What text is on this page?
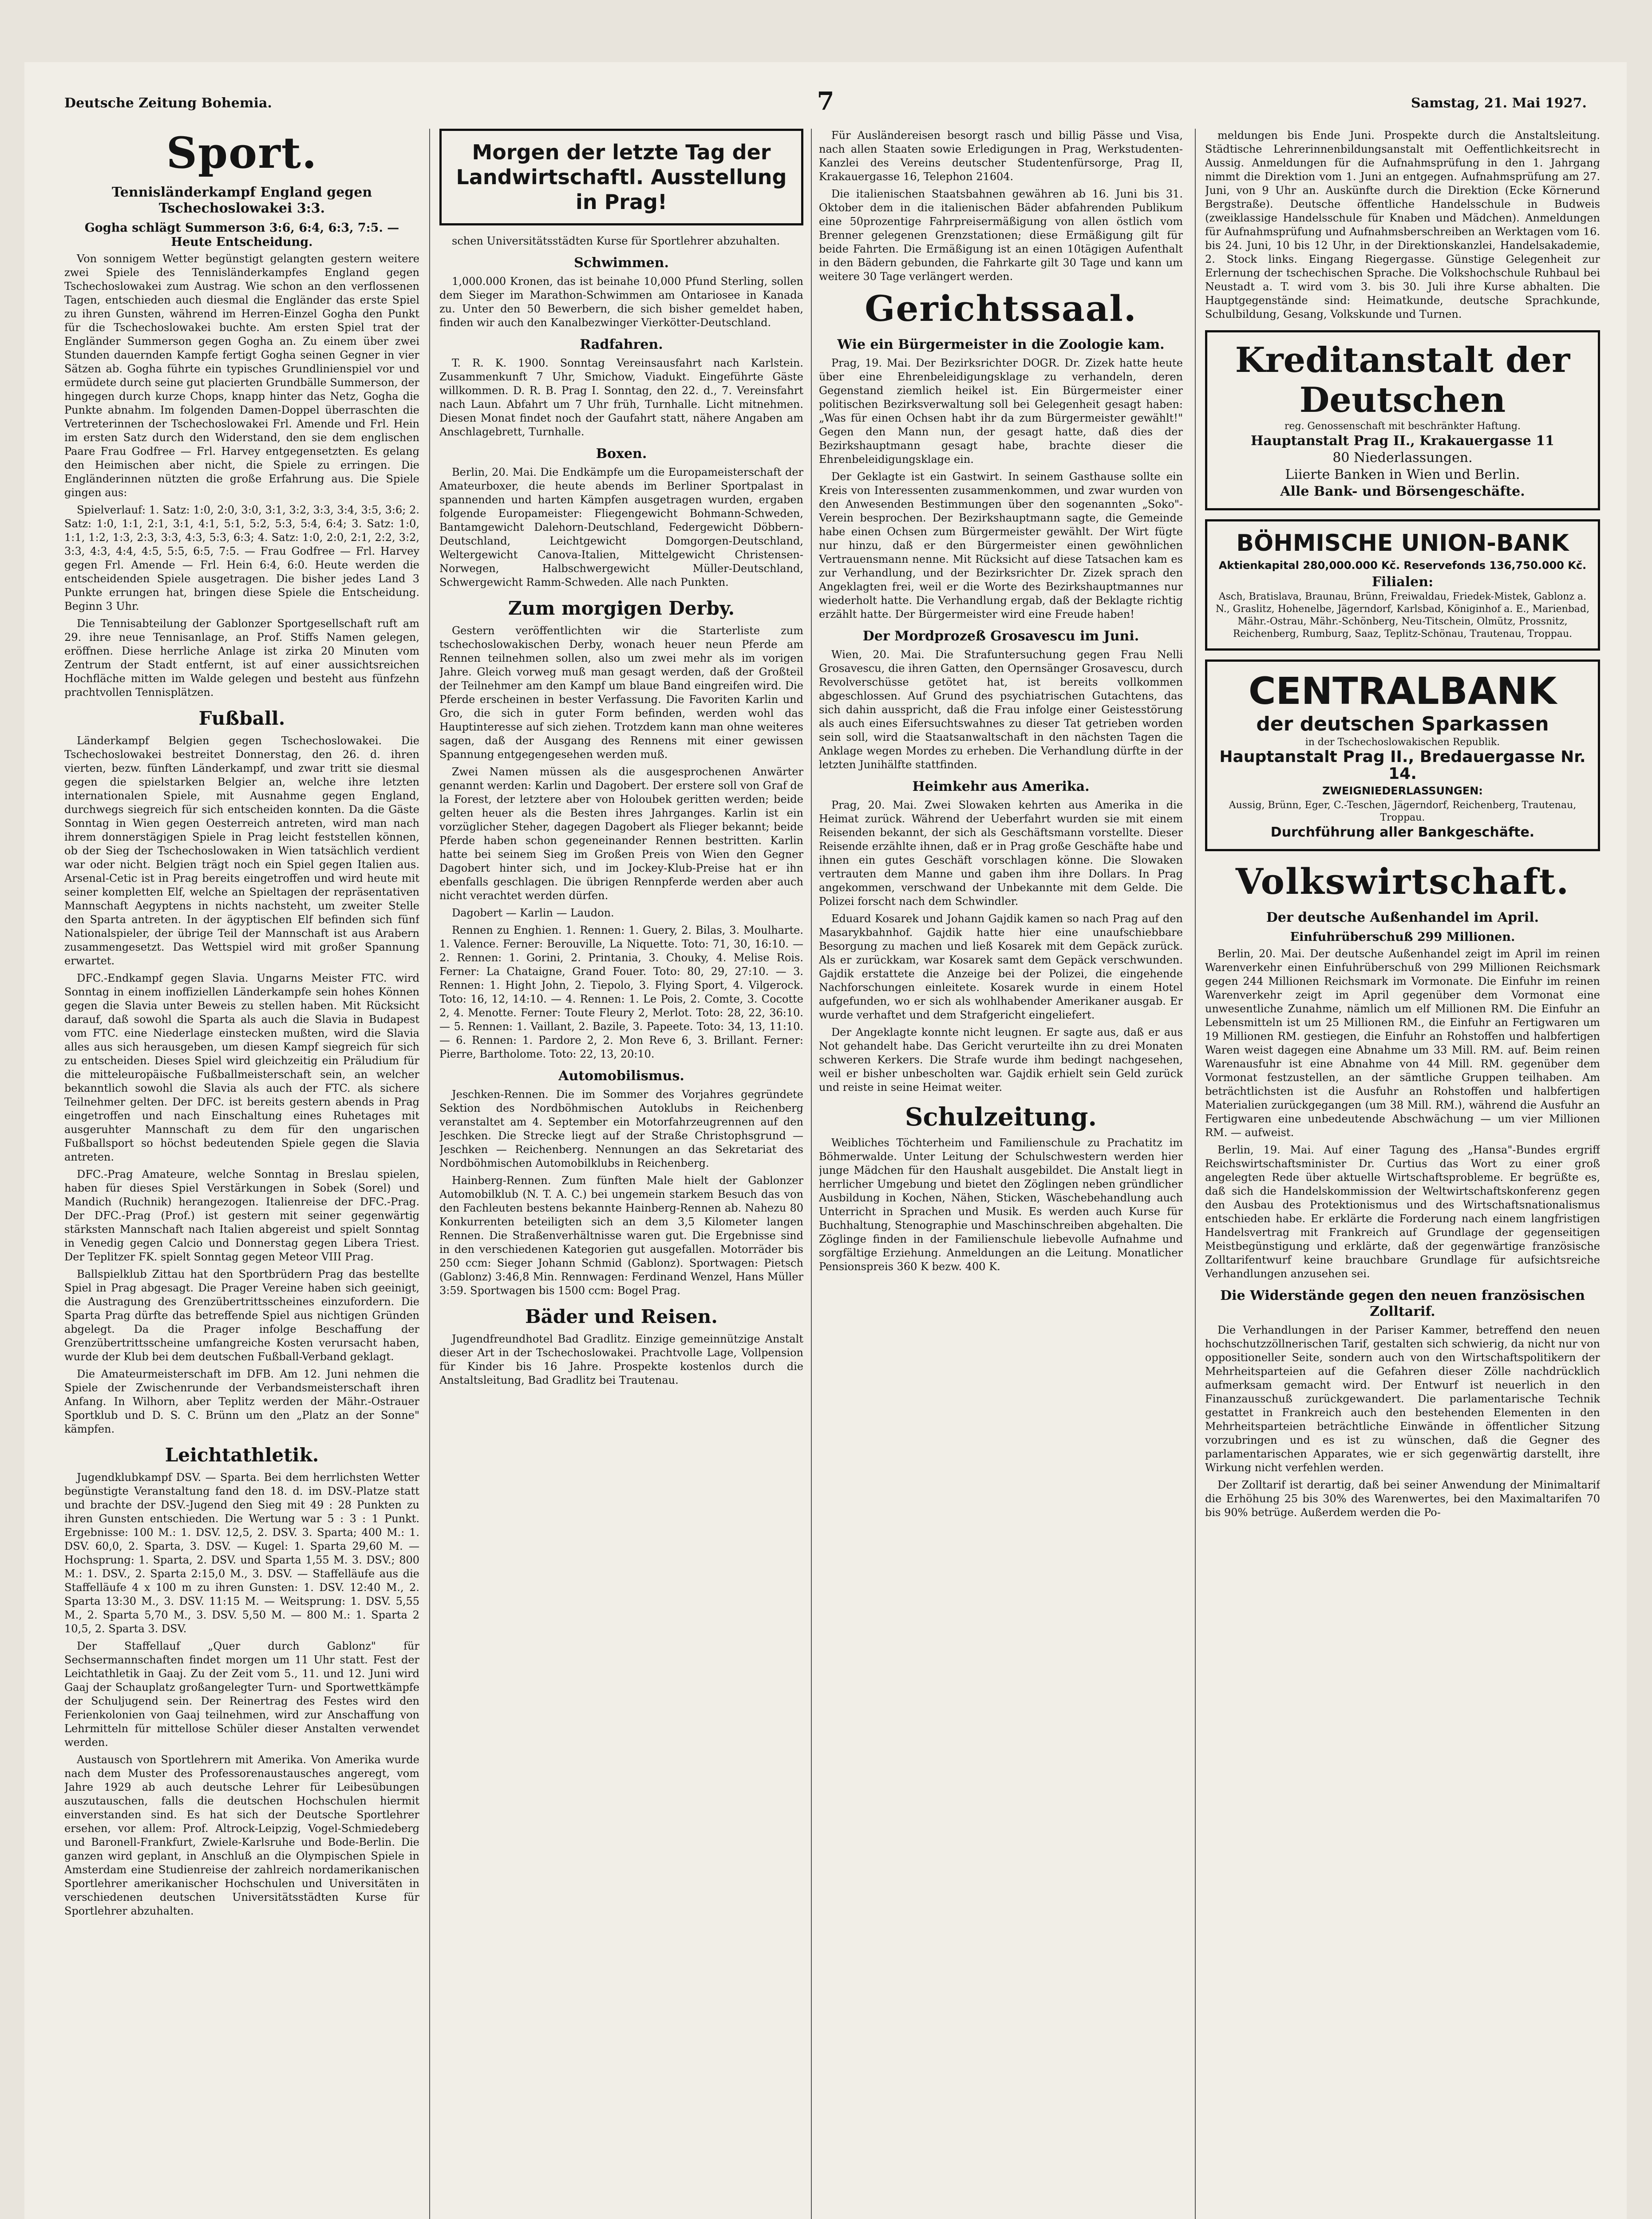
Deutsche Zeitung Bohemia.	7	Samstag, 21. Mai 1927.
Sport.
Tennisländerkampf England gegen Tschechoslowakei 3:3.
Gogha schlägt Summerson 3:6, 6:4, 6:3, 7:5. — Heute Entscheidung.

Von sonnigem Wetter begünstigt gelangten gestern weitere zwei Spiele des Tennisländerkampfes England gegen Tschechoslowakei zum Austrag. Wie schon an den verflossenen Tagen, entschieden auch diesmal die Engländer das erste Spiel zu ihren Gunsten, während im Herren-Einzel Gogha den Punkt für die Tschechoslowakei buchte. Am ersten Spiel trat der Engländer Summerson gegen Gogha an. Zu einem über zwei Stunden dauernden Kampfe fertigt Gogha seinen Gegner in vier Sätzen ab. Gogha führte ein typisches Grundlinienspiel vor und ermüdete durch seine gut placierten Grundbälle Summerson, der hingegen durch kurze Chops, knapp hinter das Netz, Gogha die Punkte abnahm. Im folgenden Damen-Doppel überraschten die Vertreterinnen der Tschechoslowakei Frl. Amende und Frl. Hein im ersten Satz durch den Widerstand, den sie dem englischen Paare Frau Godfree — Frl. Harvey entgegensetzten. Es gelang den Heimischen aber nicht, die Spiele zu erringen. Die Engländerinnen nützten die große Erfahrung aus. Die Spiele gingen aus:

Spielverlauf: 1. Satz: 1:0, 2:0, 3:0, 3:1, 3:2, 3:3, 3:4, 3:5, 3:6; 2. Satz: 1:0, 1:1, 2:1, 3:1, 4:1, 5:1, 5:2, 5:3, 5:4, 6:4; 3. Satz: 1:0, 1:1, 1:2, 1:3, 2:3, 3:3, 4:3, 5:3, 6:3; 4. Satz: 1:0, 2:0, 2:1, 2:2, 3:2, 3:3, 4:3, 4:4, 4:5, 5:5, 6:5, 7:5. — Frau Godfree — Frl. Harvey gegen Frl. Amende — Frl. Hein 6:4, 6:0. Heute werden die entscheidenden Spiele ausgetragen. Die bisher jedes Land 3 Punkte errungen hat, bringen diese Spiele die Entscheidung. Beginn 3 Uhr.

Die Tennisabteilung der Gablonzer Sportgesellschaft ruft am 29. ihre neue Tennisanlage, an Prof. Stiffs Namen gelegen, eröffnen. Diese herrliche Anlage ist zirka 20 Minuten vom Zentrum der Stadt entfernt, ist auf einer aussichtsreichen Hochfläche mitten im Walde gelegen und besteht aus fünfzehn prachtvollen Tennisplätzen.

Fußball.

Länderkampf Belgien gegen Tschechoslowakei. Die Tschechoslowakei bestreitet Donnerstag, den 26. d. ihren vierten, bezw. fünften Länderkampf, und zwar tritt sie diesmal gegen die spielstarken Belgier an, welche ihre letzten internationalen Spiele, mit Ausnahme gegen England, durchwegs siegreich für sich entscheiden konnten. Da die Gäste Sonntag in Wien gegen Oesterreich antreten, wird man nach ihrem donnerstägigen Spiele in Prag leicht feststellen können, ob der Sieg der Tschechoslowaken in Wien tatsächlich verdient war oder nicht. Belgien trägt noch ein Spiel gegen Italien aus. Arsenal-Cetic ist in Prag bereits eingetroffen und wird heute mit seiner kompletten Elf, welche an Spieltagen der repräsentativen Mannschaft Aegyptens in nichts nachsteht, um zweiter Stelle den Sparta antreten. In der ägyptischen Elf befinden sich fünf Nationalspieler, der übrige Teil der Mannschaft ist aus Arabern zusammengesetzt. Das Wettspiel wird mit großer Spannung erwartet.

DFC.-Endkampf gegen Slavia. Ungarns Meister FTC. wird Sonntag in einem inoffiziellen Länderkampfe sein hohes Können gegen die Slavia unter Beweis zu stellen haben. Mit Rücksicht darauf, daß sowohl die Sparta als auch die Slavia in Budapest vom FTC. eine Niederlage einstecken mußten, wird die Slavia alles aus sich herausgeben, um diesen Kampf siegreich für sich zu entscheiden. Dieses Spiel wird gleichzeitig ein Präludium für die mitteleuropäische Fußballmeisterschaft sein, an welcher bekanntlich sowohl die Slavia als auch der FTC. als sichere Teilnehmer gelten. Der DFC. ist bereits gestern abends in Prag eingetroffen und nach Einschaltung eines Ruhetages mit ausgeruhter Mannschaft zu dem für den ungarischen Fußballsport so höchst bedeutenden Spiele gegen die Slavia antreten.

DFC.-Prag Amateure, welche Sonntag in Breslau spielen, haben für dieses Spiel Verstärkungen in Sobek (Sorel) und Mandich (Ruchnik) herangezogen. Italienreise der DFC.-Prag. Der DFC.-Prag (Prof.) ist gestern mit seiner gegenwärtig stärksten Mannschaft nach Italien abgereist und spielt Sonntag in Venedig gegen Calcio und Donnerstag gegen Libera Triest. Der Teplitzer FK. spielt Sonntag gegen Meteor VIII Prag.

Ballspielklub Zittau hat den Sportbrüdern Prag das bestellte Spiel in Prag abgesagt. Die Prager Vereine haben sich geeinigt, die Austragung des Grenzübertrittsscheines einzufordern. Die Sparta Prag dürfte das betreffende Spiel aus nichtigen Gründen abgelegt. Da die Prager infolge Beschaffung der Grenzübertrittsscheine umfangreiche Kosten verursacht haben, wurde der Klub bei dem deutschen Fußball-Verband geklagt.

Die Amateurmeisterschaft im DFB. Am 12. Juni nehmen die Spiele der Zwischenrunde der Verbandsmeisterschaft ihren Anfang. In Wilhorn, aber Teplitz werden der Mähr.-Ostrauer Sportklub und D. S. C. Brünn um den „Platz an der Sonne" kämpfen.

Leichtathletik.

Jugendklubkampf DSV. — Sparta. Bei dem herrlichsten Wetter begünstigte Veranstaltung fand den 18. d. im DSV.-Platze statt und brachte der DSV.-Jugend den Sieg mit 49 : 28 Punkten zu ihren Gunsten entschieden. Die Wertung war 5 : 3 : 1 Punkt. Ergebnisse: 100 M.: 1. DSV. 12,5, 2. DSV. 3. Sparta; 400 M.: 1. DSV. 60,0, 2. Sparta, 3. DSV. — Kugel: 1. Sparta 29,60 M. — Hochsprung: 1. Sparta, 2. DSV. und Sparta 1,55 M. 3. DSV.; 800 M.: 1. DSV., 2. Sparta 2:15,0 M., 3. DSV. — Staffelläufe aus die Staffelläufe 4 x 100 m zu ihren Gunsten: 1. DSV. 12:40 M., 2. Sparta 13:30 M., 3. DSV. 11:15 M. — Weitsprung: 1. DSV. 5,55 M., 2. Sparta 5,70 M., 3. DSV. 5,50 M. — 800 M.: 1. Sparta 2 10,5, 2. Sparta 3. DSV.

Der Staffellauf „Quer durch Gablonz" für Sechsermannschaften findet morgen um 11 Uhr statt. Fest der Leichtathletik in Gaaj. Zu der Zeit vom 5., 11. und 12. Juni wird Gaaj der Schauplatz großangelegter Turn- und Sportwettkämpfe der Schuljugend sein. Der Reinertrag des Festes wird den Ferienkolonien von Gaaj teilnehmen, wird zur Anschaffung von Lehrmitteln für mittellose Schüler dieser Anstalten verwendet werden.

Austausch von Sportlehrern mit Amerika. Von Amerika wurde nach dem Muster des Professorenaustausches angeregt, vom Jahre 1929 ab auch deutsche Lehrer für Leibesübungen auszutauschen, falls die deutschen Hochschulen hiermit einverstanden sind. Es hat sich der Deutsche Sportlehrer ersehen, vor allem: Prof. Altrock-Leipzig, Vogel-Schmiedeberg und Baronell-Frankfurt, Zwiele-Karlsruhe und Bode-Berlin. Die ganzen wird geplant, in Anschluß an die Olympischen Spiele in Amsterdam eine Studienreise der zahlreich nordamerikanischen Sportlehrer amerikanischer Hochschulen und Universitäten in verschiedenen deutschen Universitätsstädten Kurse für Sportlehrer abzuhalten.

Morgen der letzte Tag der Landwirtschaftl. Ausstellung in Prag!

schen Universitätsstädten Kurse für Sportlehrer abzuhalten.

Schwimmen.

1,000.000 Kronen, das ist beinahe 10,000 Pfund Sterling, sollen dem Sieger im Marathon-Schwimmen am Ontariosee in Kanada zu. Unter den 50 Bewerbern, die sich bisher gemeldet haben, finden wir auch den Kanalbezwinger Vierkötter-Deutschland.

Radfahren.

T. R. K. 1900. Sonntag Vereinsausfahrt nach Karlstein. Zusammenkunft 7 Uhr, Smichow, Viadukt. Eingeführte Gäste willkommen. D. R. B. Prag I. Sonntag, den 22. d., 7. Vereinsfahrt nach Laun. Abfahrt um 7 Uhr früh, Turnhalle. Licht mitnehmen. Diesen Monat findet noch der Gaufahrt statt, nähere Angaben am Anschlagebrett, Turnhalle.

Boxen.

Berlin, 20. Mai. Die Endkämpfe um die Europameisterschaft der Amateurboxer, die heute abends im Berliner Sportpalast in spannenden und harten Kämpfen ausgetragen wurden, ergaben folgende Europameister: Fliegengewicht Bohmann-Schweden, Bantamgewicht Dalehorn-Deutschland, Federgewicht Döbbern-Deutschland, Leichtgewicht Domgorgen-Deutschland, Weltergewicht Canova-Italien, Mittelgewicht Christensen-Norwegen, Halbschwergewicht Müller-Deutschland, Schwergewicht Ramm-Schweden. Alle nach Punkten.

Zum morgigen Derby.

Gestern veröffentlichten wir die Starterliste zum tschechoslowakischen Derby, wonach heuer neun Pferde am Rennen teilnehmen sollen, also um zwei mehr als im vorigen Jahre. Gleich vorweg muß man gesagt werden, daß der Großteil der Teilnehmer am den Kampf um blaue Band eingreifen wird. Die Pferde erscheinen in bester Verfassung. Die Favoriten Karlin und Gro, die sich in guter Form befinden, werden wohl das Hauptinteresse auf sich ziehen. Trotzdem kann man ohne weiteres sagen, daß der Ausgang des Rennens mit einer gewissen Spannung entgegengesehen werden muß.

Zwei Namen müssen als die ausgesprochenen Anwärter genannt werden: Karlin und Dagobert. Der erstere soll von Graf de la Forest, der letztere aber von Holoubek geritten werden; beide gelten heuer als die Besten ihres Jahrganges. Karlin ist ein vorzüglicher Steher, dagegen Dagobert als Flieger bekannt; beide Pferde haben schon gegeneinander Rennen bestritten. Karlin hatte bei seinem Sieg im Großen Preis von Wien den Gegner Dagobert hinter sich, und im Jockey-Klub-Preise hat er ihn ebenfalls geschlagen. Die übrigen Rennpferde werden aber auch nicht verachtet werden dürfen.

Dagobert — Karlin — Laudon.

Rennen zu Enghien. 1. Rennen: 1. Guery, 2. Bilas, 3. Moulharte. 1. Valence. Ferner: Berouville, La Niquette. Toto: 71, 30, 16:10. — 2. Rennen: 1. Gorini, 2. Printania, 3. Chouky, 4. Melise Rois. Ferner: La Chataigne, Grand Fouer. Toto: 80, 29, 27:10. — 3. Rennen: 1. Hight John, 2. Tiepolo, 3. Flying Sport, 4. Vilgerock. Toto: 16, 12, 14:10. — 4. Rennen: 1. Le Pois, 2. Comte, 3. Cocotte 2, 4. Menotte. Ferner: Toute Fleury 2, Merlot. Toto: 28, 22, 36:10. — 5. Rennen: 1. Vaillant, 2. Bazile, 3. Papeete. Toto: 34, 13, 11:10. — 6. Rennen: 1. Pardore 2, 2. Mon Reve 6, 3. Brillant. Ferner: Pierre, Bartholome. Toto: 22, 13, 20:10.

Automobilismus.

Jeschken-Rennen. Die im Sommer des Vorjahres gegründete Sektion des Nordböhmischen Autoklubs in Reichenberg veranstaltet am 4. September ein Motorfahrzeugrennen auf den Jeschken. Die Strecke liegt auf der Straße Christophsgrund — Jeschken — Reichenberg. Nennungen an das Sekretariat des Nordböhmischen Automobilklubs in Reichenberg.

Hainberg-Rennen. Zum fünften Male hielt der Gablonzer Automobilklub (N. T. A. C.) bei ungemein starkem Besuch das von den Fachleuten bestens bekannte Hainberg-Rennen ab. Nahezu 80 Konkurrenten beteiligten sich an dem 3,5 Kilometer langen Rennen. Die Straßenverhältnisse waren gut. Die Ergebnisse sind in den verschiedenen Kategorien gut ausgefallen. Motorräder bis 250 ccm: Sieger Johann Schmid (Gablonz). Sportwagen: Pietsch (Gablonz) 3:46,8 Min. Rennwagen: Ferdinand Wenzel, Hans Müller 3:59. Sportwagen bis 1500 ccm: Bogel Prag.

Bäder und Reisen.

Jugendfreundhotel Bad Gradlitz. Einzige gemeinnützige Anstalt dieser Art in der Tschechoslowakei. Prachtvolle Lage, Vollpension für Kinder bis 16 Jahre. Prospekte kostenlos durch die Anstaltsleitung, Bad Gradlitz bei Trautenau.

Für Ausländereisen besorgt rasch und billig Pässe und Visa, nach allen Staaten sowie Erledigungen in Prag, Werkstudenten-Kanzlei des Vereins deutscher Studentenfürsorge, Prag II, Krakauergasse 16, Telephon 21604.

Die italienischen Staatsbahnen gewähren ab 16. Juni bis 31. Oktober dem in die italienischen Bäder abfahrenden Publikum eine 50prozentige Fahrpreisermäßigung von allen östlich vom Brenner gelegenen Grenzstationen; diese Ermäßigung gilt für beide Fahrten. Die Ermäßigung ist an einen 10tägigen Aufenthalt in den Bädern gebunden, die Fahrkarte gilt 30 Tage und kann um weitere 30 Tage verlängert werden.

Gerichtssaal.
Wie ein Bürgermeister in die Zoologie kam.

Prag, 19. Mai. Der Bezirksrichter DOGR. Dr. Zizek hatte heute über eine Ehrenbeleidigungsklage zu verhandeln, deren Gegenstand ziemlich heikel ist. Ein Bürgermeister einer politischen Bezirksverwaltung soll bei Gelegenheit gesagt haben: „Was für einen Ochsen habt ihr da zum Bürgermeister gewählt!" Gegen den Mann nun, der gesagt hatte, daß dies der Bezirkshauptmann gesagt habe, brachte dieser die Ehrenbeleidigungsklage ein.

Der Geklagte ist ein Gastwirt. In seinem Gasthause sollte ein Kreis von Interessenten zusammenkommen, und zwar wurden von den Anwesenden Bestimmungen über den sogenannten „Soko"-Verein besprochen. Der Bezirkshauptmann sagte, die Gemeinde habe einen Ochsen zum Bürgermeister gewählt. Der Wirt fügte nur hinzu, daß er den Bürgermeister einen gewöhnlichen Vertrauensmann nenne. Mit Rücksicht auf diese Tatsachen kam es zur Verhandlung, und der Bezirksrichter Dr. Zizek sprach den Angeklagten frei, weil er die Worte des Bezirkshauptmannes nur wiederholt hatte. Die Verhandlung ergab, daß der Beklagte richtig erzählt hatte. Der Bürgermeister wird eine Freude haben!

Der Mordprozeß Grosavescu im Juni.

Wien, 20. Mai. Die Strafuntersuchung gegen Frau Nelli Grosavescu, die ihren Gatten, den Opernsänger Grosavescu, durch Revolverschüsse getötet hat, ist bereits vollkommen abgeschlossen. Auf Grund des psychiatrischen Gutachtens, das sich dahin ausspricht, daß die Frau infolge einer Geistesstörung als auch eines Eifersuchtswahnes zu dieser Tat getrieben worden sein soll, wird die Staatsanwaltschaft in den nächsten Tagen die Anklage wegen Mordes zu erheben. Die Verhandlung dürfte in der letzten Junihälfte stattfinden.

Heimkehr aus Amerika.

Prag, 20. Mai. Zwei Slowaken kehrten aus Amerika in die Heimat zurück. Während der Ueberfahrt wurden sie mit einem Reisenden bekannt, der sich als Geschäftsmann vorstellte. Dieser Reisende erzählte ihnen, daß er in Prag große Geschäfte habe und ihnen ein gutes Geschäft vorschlagen könne. Die Slowaken vertrauten dem Manne und gaben ihm ihre Dollars. In Prag angekommen, verschwand der Unbekannte mit dem Gelde. Die Polizei forscht nach dem Schwindler.

Eduard Kosarek und Johann Gajdik kamen so nach Prag auf den Masarykbahnhof. Gajdik hatte hier eine unaufschiebbare Besorgung zu machen und ließ Kosarek mit dem Gepäck zurück. Als er zurückkam, war Kosarek samt dem Gepäck verschwunden. Gajdik erstattete die Anzeige bei der Polizei, die eingehende Nachforschungen einleitete. Kosarek wurde in einem Hotel aufgefunden, wo er sich als wohlhabender Amerikaner ausgab. Er wurde verhaftet und dem Strafgericht eingeliefert.

Der Angeklagte konnte nicht leugnen. Er sagte aus, daß er aus Not gehandelt habe. Das Gericht verurteilte ihn zu drei Monaten schweren Kerkers. Die Strafe wurde ihm bedingt nachgesehen, weil er bisher unbescholten war. Gajdik erhielt sein Geld zurück und reiste in seine Heimat weiter.

Schulzeitung.

Weibliches Töchterheim und Familienschule zu Prachatitz im Böhmerwalde. Unter Leitung der Schulschwestern werden hier junge Mädchen für den Haushalt ausgebildet. Die Anstalt liegt in herrlicher Umgebung und bietet den Zöglingen neben gründlicher Ausbildung in Kochen, Nähen, Sticken, Wäschebehandlung auch Unterricht in Sprachen und Musik. Es werden auch Kurse für Buchhaltung, Stenographie und Maschinschreiben abgehalten. Die Zöglinge finden in der Familienschule liebevolle Aufnahme und sorgfältige Erziehung. Anmeldungen an die Leitung. Monatlicher Pensionspreis 360 K bezw. 400 K.

meldungen bis Ende Juni. Prospekte durch die Anstaltsleitung. Städtische Lehrerinnenbildungsanstalt mit Oeffentlichkeitsrecht in Aussig. Anmeldungen für die Aufnahmsprüfung in den 1. Jahrgang nimmt die Direktion vom 1. Juni an entgegen. Aufnahmsprüfung am 27. Juni, von 9 Uhr an. Auskünfte durch die Direktion (Ecke Körnerund Bergstraße). Deutsche öffentliche Handelsschule in Budweis (zweiklassige Handelsschule für Knaben und Mädchen). Anmeldungen für Aufnahmsprüfung und Aufnahmsberschreiben an Werktagen vom 16. bis 24. Juni, 10 bis 12 Uhr, in der Direktionskanzlei, Handelsakademie, 2. Stock links. Eingang Riegergasse. Günstige Gelegenheit zur Erlernung der tschechischen Sprache. Die Volkshochschule Ruhbaul bei Neustadt a. T. wird vom 3. bis 30. Juli ihre Kurse abhalten. Die Hauptgegenstände sind: Heimatkunde, deutsche Sprachkunde, Schulbildung, Gesang, Volkskunde und Turnen.

Kreditanstalt der Deutschen
reg. Genossenschaft mit beschränkter Haftung.
Hauptanstalt Prag II., Krakauergasse 11
80 Niederlassungen.
Liierte Banken in Wien und Berlin.
Alle Bank- und Börsengeschäfte.
BÖHMISCHE UNION-BANK
Aktienkapital 280,000.000 Kč. Reservefonds 136,750.000 Kč.
Filialen:
Asch, Bratislava, Braunau, Brünn, Freiwaldau, Friedek-Mistek, Gablonz a. N., Graslitz, Hohenelbe, Jägerndorf, Karlsbad, Königinhof a. E., Marienbad, Mähr.-Ostrau, Mähr.-Schönberg, Neu-Titschein, Olmütz, Prossnitz, Reichenberg, Rumburg, Saaz, Teplitz-Schönau, Trautenau, Troppau.
CENTRALBANK
der deutschen Sparkassen
in der Tschechoslowakischen Republik.
Hauptanstalt Prag II., Bredauergasse Nr. 14.
ZWEIGNIEDERLASSUNGEN:
Aussig, Brünn, Eger, C.-Teschen, Jägerndorf, Reichenberg, Trautenau, Troppau.
Durchführung aller Bankgeschäfte.
Volkswirtschaft.
Der deutsche Außenhandel im April.
Einfuhrüberschuß 299 Millionen.

Berlin, 20. Mai. Der deutsche Außenhandel zeigt im April im reinen Warenverkehr einen Einfuhrüberschuß von 299 Millionen Reichsmark gegen 244 Millionen Reichsmark im Vormonate. Die Einfuhr im reinen Warenverkehr zeigt im April gegenüber dem Vormonat eine unwesentliche Zunahme, nämlich um elf Millionen RM. Die Einfuhr an Lebensmitteln ist um 25 Millionen RM., die Einfuhr an Fertigwaren um 19 Millionen RM. gestiegen, die Einfuhr an Rohstoffen und halbfertigen Waren weist dagegen eine Abnahme um 33 Mill. RM. auf. Beim reinen Warenausfuhr ist eine Abnahme von 44 Mill. RM. gegenüber dem Vormonat festzustellen, an der sämtliche Gruppen teilhaben. Am beträchtlichsten ist die Ausfuhr an Rohstoffen und halbfertigen Materialien zurückgegangen (um 38 Mill. RM.), während die Ausfuhr an Fertigwaren eine unbedeutende Abschwächung — um vier Millionen RM. — aufweist.

Berlin, 19. Mai. Auf einer Tagung des „Hansa"-Bundes ergriff Reichswirtschaftsminister Dr. Curtius das Wort zu einer groß angelegten Rede über aktuelle Wirtschaftsprobleme. Er begrüßte es, daß sich die Handelskommission der Weltwirtschaftskonferenz gegen den Ausbau des Protektionismus und des Wirtschaftsnationalismus entschieden habe. Er erklärte die Forderung nach einem langfristigen Handelsvertrag mit Frankreich auf Grundlage der gegenseitigen Meistbegünstigung und erklärte, daß der gegenwärtige französische Zolltarifentwurf keine brauchbare Grundlage für aufsichtsreiche Verhandlungen anzusehen sei.

Die Widerstände gegen den neuen französischen Zolltarif.

Die Verhandlungen in der Pariser Kammer, betreffend den neuen hochschutzzöllnerischen Tarif, gestalten sich schwierig, da nicht nur von oppositioneller Seite, sondern auch von den Wirtschaftspolitikern der Mehrheitsparteien auf die Gefahren dieser Zölle nachdrücklich aufmerksam gemacht wird. Der Entwurf ist neuerlich in den Finanzausschuß zurückgewandert. Die parlamentarische Technik gestattet in Frankreich auch den bestehenden Elementen in den Mehrheitsparteien beträchtliche Einwände in öffentlicher Sitzung vorzubringen und es ist zu wünschen, daß die Gegner des parlamentarischen Apparates, wie er sich gegenwärtig darstellt, ihre Wirkung nicht verfehlen werden.

Der Zolltarif ist derartig, daß bei seiner Anwendung der Minimaltarif die Erhöhung 25 bis 30% des Warenwertes, bei den Maximaltarifen 70 bis 90% betrüge. Außerdem werden die Po-
